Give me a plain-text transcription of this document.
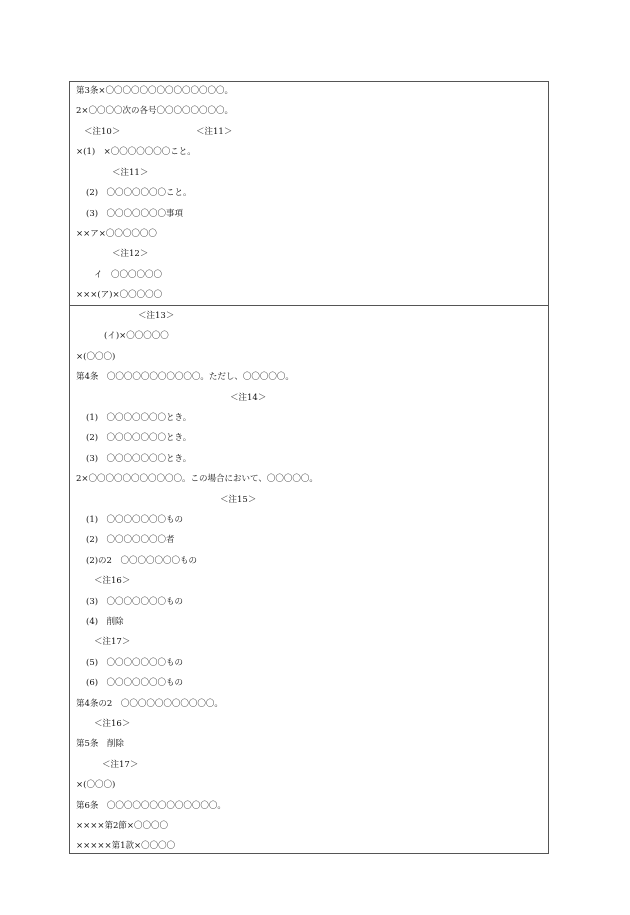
第3条×〇〇〇〇〇〇〇〇〇〇〇〇〇〇。
2×〇〇〇〇次の各号〇〇〇〇〇〇〇〇。
＜注10＞	＜注11＞
×(1)　×〇〇〇〇〇〇〇こと。
＜注11＞
(2)　〇〇〇〇〇〇〇こと。
(3)　〇〇〇〇〇〇〇事項
××ア×〇〇〇〇〇〇
＜注12＞
イ　〇〇〇〇〇〇
×××(ア)×〇〇〇〇〇
＜注13＞
(イ)×〇〇〇〇〇
×(〇〇〇)
第4条　〇〇〇〇〇〇〇〇〇〇〇。ただし、〇〇〇〇〇。
＜注14＞
(1)　〇〇〇〇〇〇〇とき。
(2)　〇〇〇〇〇〇〇とき。
(3)　〇〇〇〇〇〇〇とき。
2×〇〇〇〇〇〇〇〇〇〇〇。この場合において、〇〇〇〇〇。
＜注15＞
(1)　〇〇〇〇〇〇〇もの
(2)　〇〇〇〇〇〇〇者
(2)の2　〇〇〇〇〇〇〇もの
＜注16＞
(3)　〇〇〇〇〇〇〇もの
(4)　削除
＜注17＞
(5)　〇〇〇〇〇〇〇もの
(6)　〇〇〇〇〇〇〇もの
第4条の2　〇〇〇〇〇〇〇〇〇〇〇。
＜注16＞
第5条　削除
＜注17＞
×(〇〇〇)
第6条　〇〇〇〇〇〇〇〇〇〇〇〇〇。
××××第2節×〇〇〇〇
×××××第1款×〇〇〇〇
